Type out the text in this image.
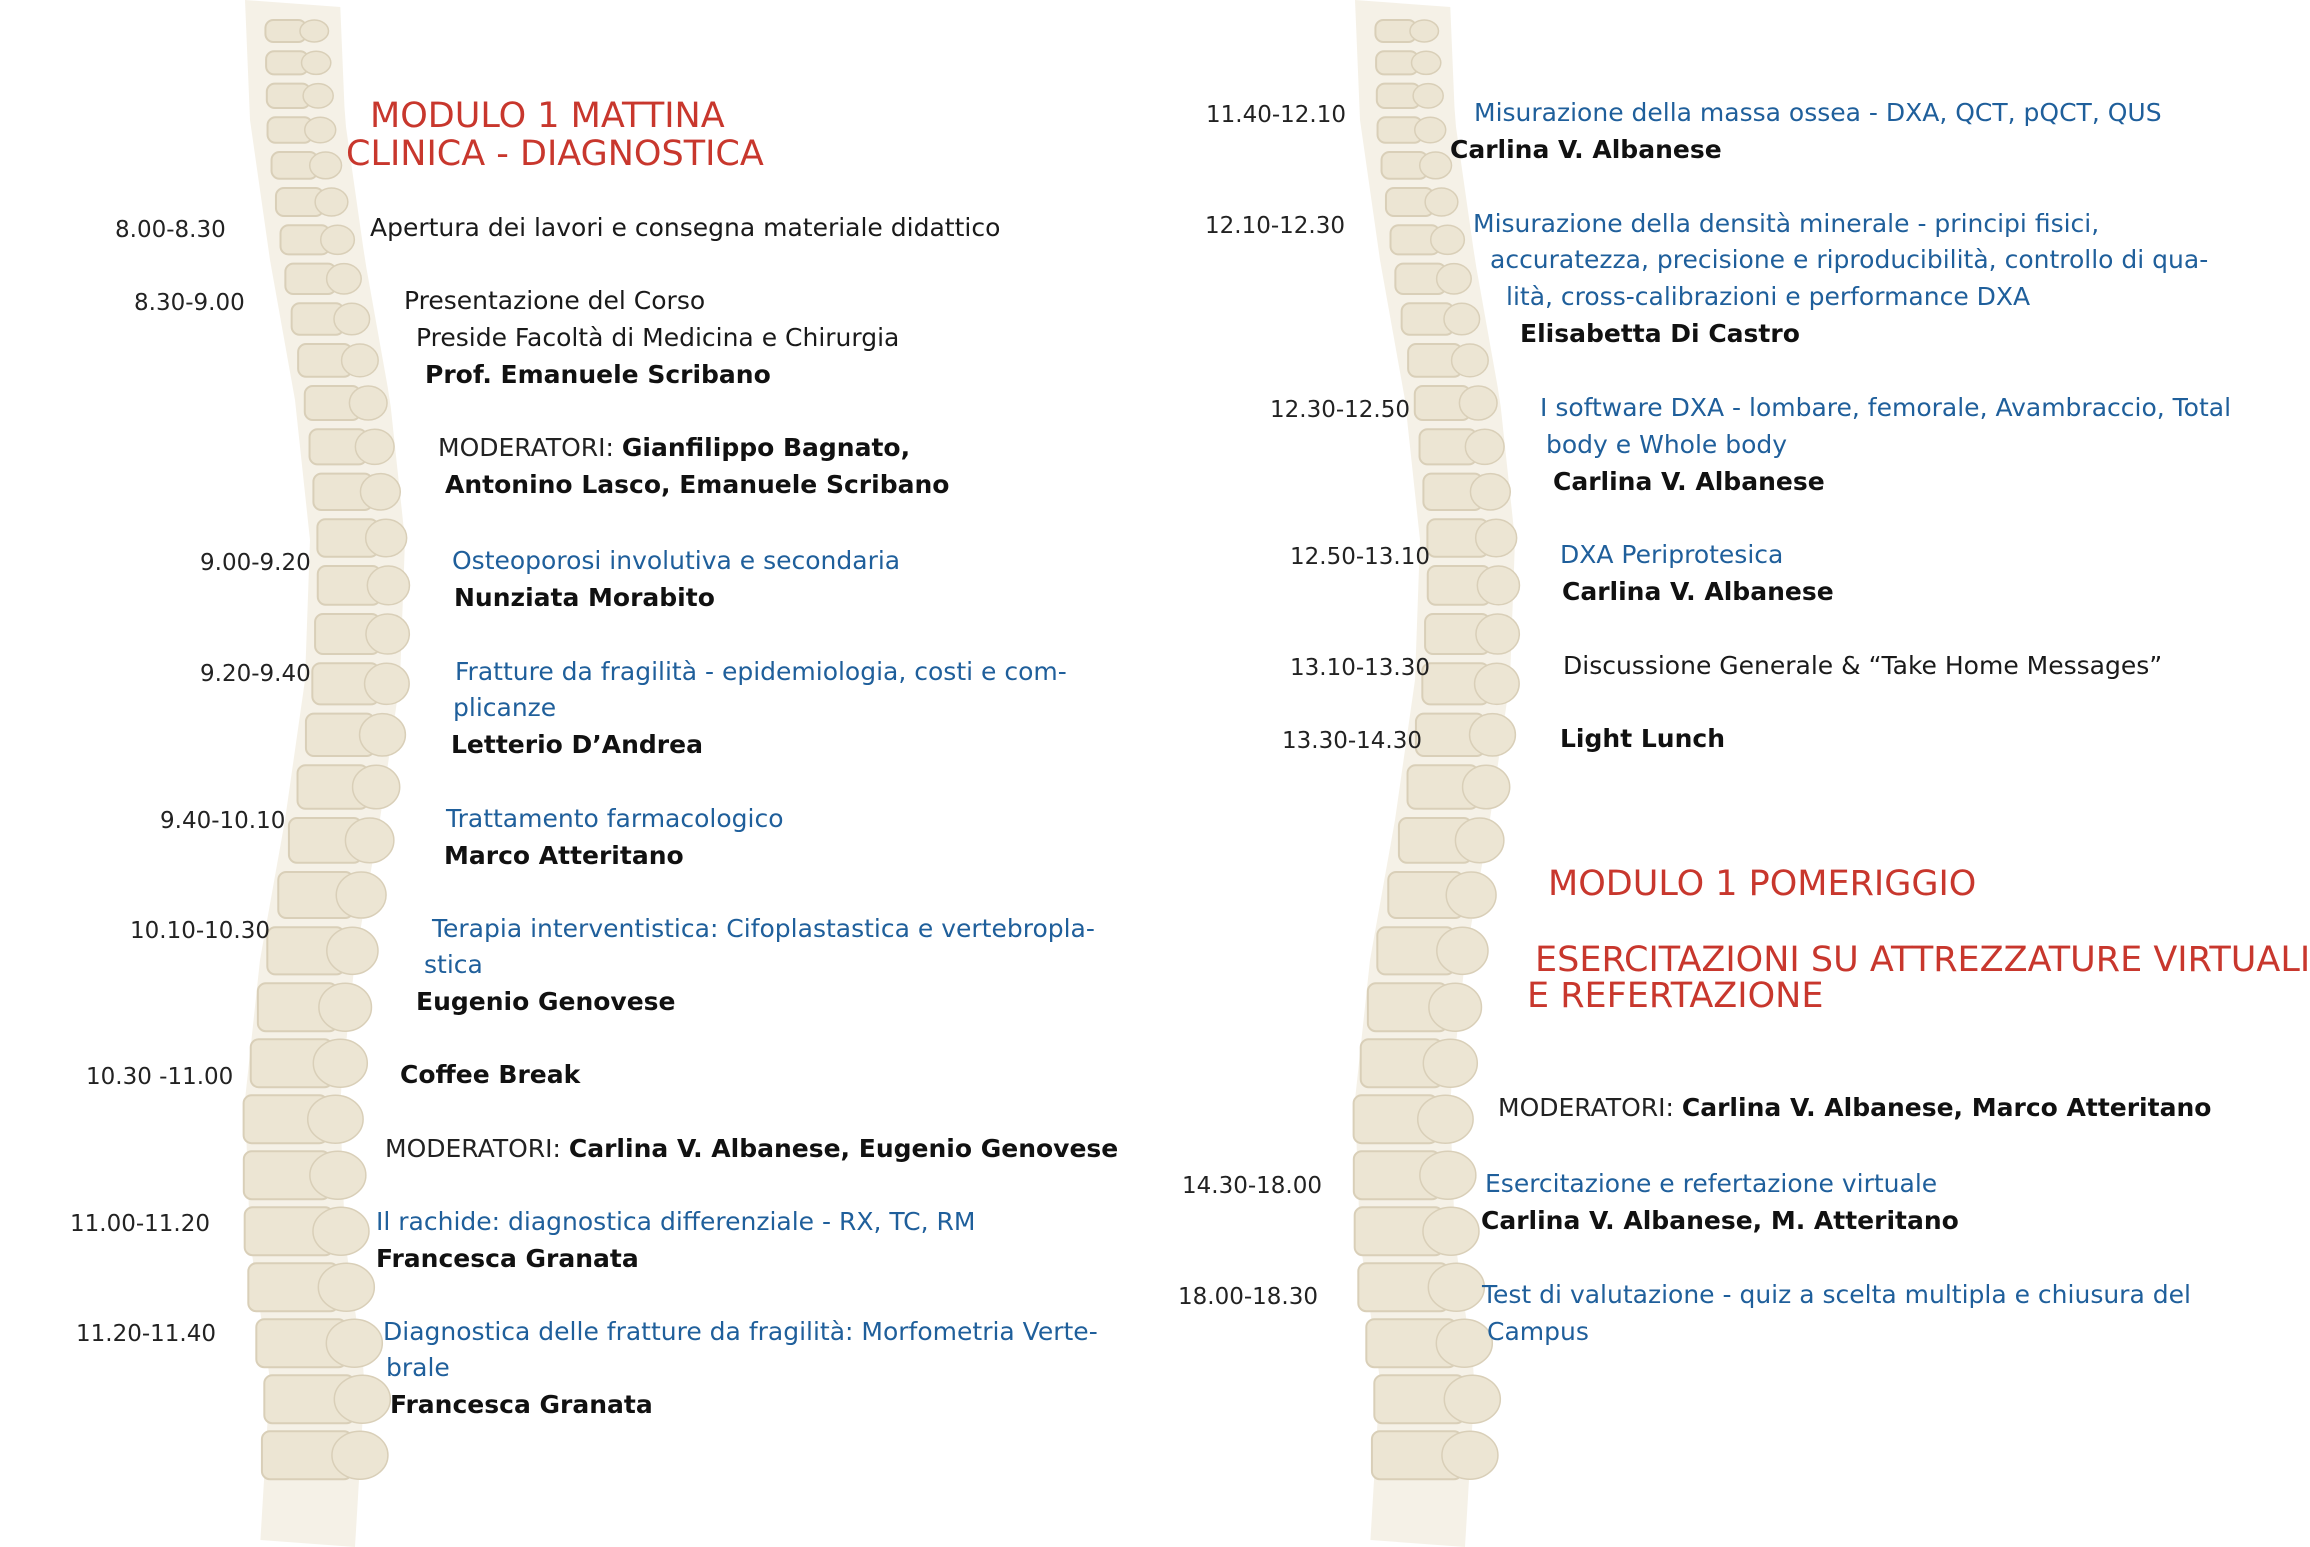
MODULO 1 MATTINA
CLINICA - DIAGNOSTICA
8.00-8.30	Apertura dei lavori e consegna materiale didattico
8.30-9.00	Presentazione del Corso
Preside Facoltà di Medicina e Chirurgia
Prof. Emanuele Scribano
MODERATORI: Gianfilippo Bagnato,
Antonino Lasco, Emanuele Scribano
9.00-9.20	Osteoporosi involutiva e secondaria
Nunziata Morabito
9.20-9.40	Fratture da fragilità - epidemiologia, costi e com-
plicanze
Letterio D’Andrea
9.40-10.10	Trattamento farmacologico
Marco Atteritano
10.10-10.30	Terapia interventistica: Cifoplastastica e vertebropla-
stica
Eugenio Genovese
10.30 -11.00	Coffee Break
MODERATORI: Carlina V. Albanese, Eugenio Genovese
11.00-11.20	Il rachide: diagnostica differenziale - RX, TC, RM
Francesca Granata
11.20-11.40	Diagnostica delle fratture da fragilità: Morfometria Verte-
brale
Francesca Granata
11.40-12.10	Misurazione della massa ossea - DXA, QCT, pQCT, QUS
Carlina V. Albanese
12.10-12.30	Misurazione della densità minerale - principi fisici,
accuratezza, precisione e riproducibilità, controllo di qua-
lità, cross-calibrazioni e performance DXA
Elisabetta Di Castro
12.30-12.50	I software DXA - lombare, femorale, Avambraccio, Total
body e Whole body
Carlina V. Albanese
12.50-13.10	DXA Periprotesica
Carlina V. Albanese
13.10-13.30	Discussione Generale & “Take Home Messages”
13.30-14.30	Light Lunch
MODULO 1 POMERIGGIO
ESERCITAZIONI SU ATTREZZATURE VIRTUALI
E REFERTAZIONE
MODERATORI: Carlina V. Albanese, Marco Atteritano
14.30-18.00	Esercitazione e refertazione virtuale
Carlina V. Albanese, M. Atteritano
18.00-18.30	Test di valutazione - quiz a scelta multipla e chiusura del
Campus
